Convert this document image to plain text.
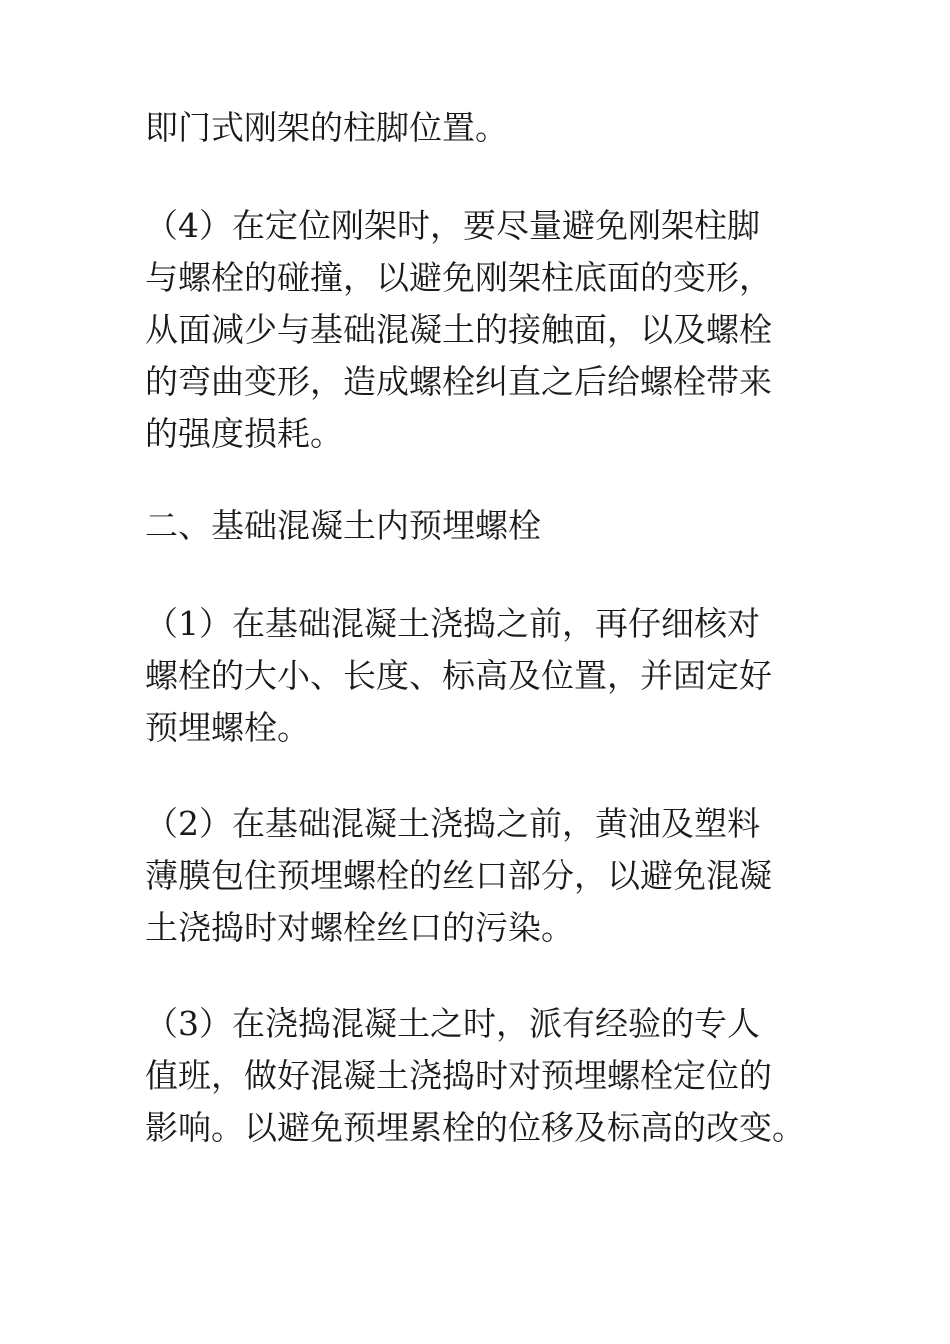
即门式刚架的柱脚位置。
（4）在定位刚架时，要尽量避免刚架柱脚
与螺栓的碰撞，以避免刚架柱底面的变形，
从面减少与基础混凝土的接触面，以及螺栓
的弯曲变形，造成螺栓纠直之后给螺栓带来
的强度损耗。
二、基础混凝土内预埋螺栓
（1）在基础混凝土浇捣之前，再仔细核对
螺栓的大小、长度、标高及位置，并固定好
预埋螺栓。
（2）在基础混凝土浇捣之前，黄油及塑料
薄膜包住预埋螺栓的丝口部分，以避免混凝
土浇捣时对螺栓丝口的污染。
（3）在浇捣混凝土之时，派有经验的专人
值班，做好混凝土浇捣时对预埋螺栓定位的
影响。以避免预埋累栓的位移及标高的改变。
